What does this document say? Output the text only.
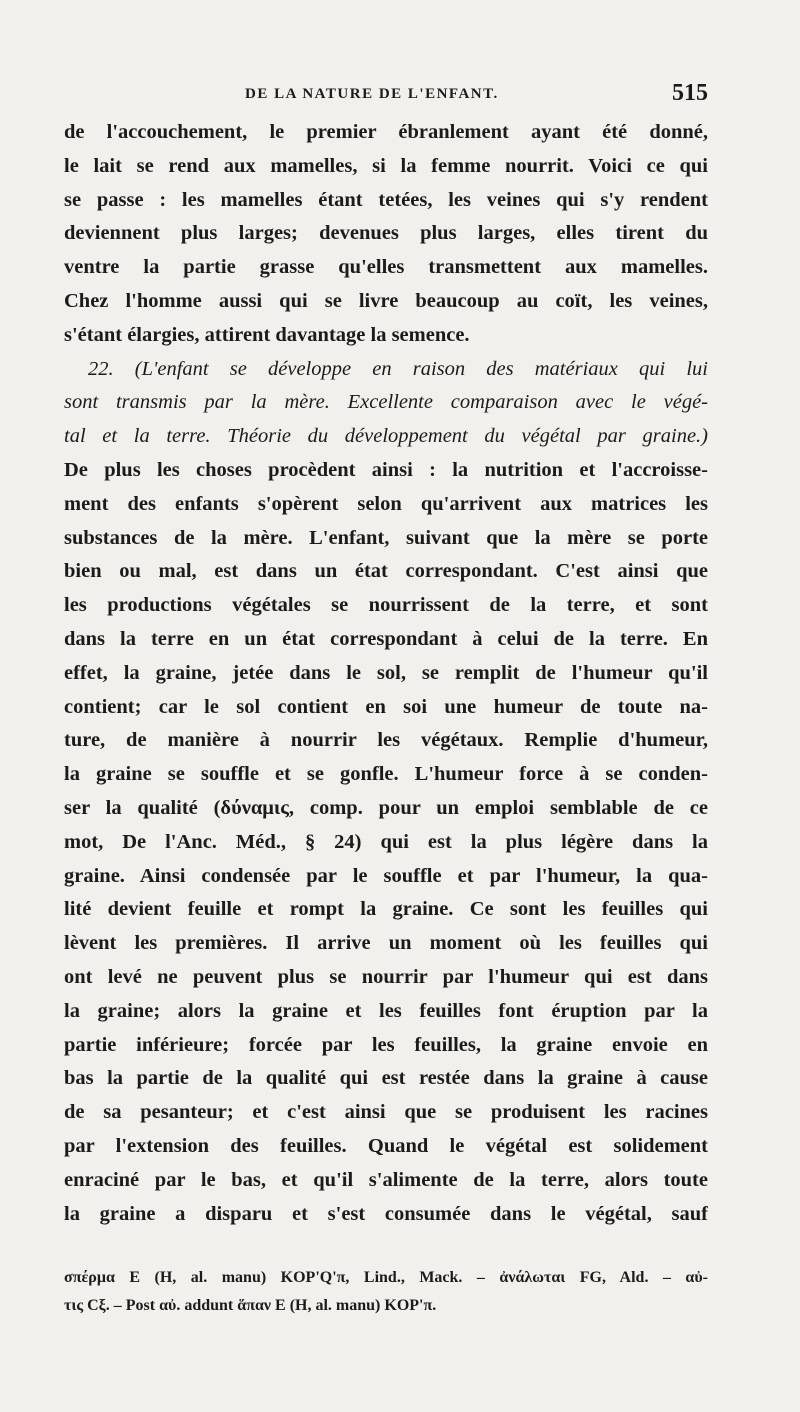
DE LA NATURE DE L'ENFANT.	515
de l'accouchement, le premier ébranlement ayant été donné,
le lait se rend aux mamelles, si la femme nourrit. Voici ce qui
se passe : les mamelles étant tetées, les veines qui s'y rendent
deviennent plus larges; devenues plus larges, elles tirent du
ventre la partie grasse qu'elles transmettent aux mamelles.
Chez l'homme aussi qui se livre beaucoup au coït, les veines,
s'étant élargies, attirent davantage la semence.
22. (L'enfant se développe en raison des matériaux qui lui
sont transmis par la mère. Excellente comparaison avec le végé-
tal et la terre. Théorie du développement du végétal par graine.)
De plus les choses procèdent ainsi : la nutrition et l'accroisse-
ment des enfants s'opèrent selon qu'arrivent aux matrices les
substances de la mère. L'enfant, suivant que la mère se porte
bien ou mal, est dans un état correspondant. C'est ainsi que
les productions végétales se nourrissent de la terre, et sont
dans la terre en un état correspondant à celui de la terre. En
effet, la graine, jetée dans le sol, se remplit de l'humeur qu'il
contient; car le sol contient en soi une humeur de toute na-
ture, de manière à nourrir les végétaux. Remplie d'humeur,
la graine se souffle et se gonfle. L'humeur force à se conden-
ser la qualité (δύναμις, comp. pour un emploi semblable de ce
mot, De l'Anc. Méd., § 24) qui est la plus légère dans la
graine. Ainsi condensée par le souffle et par l'humeur, la qua-
lité devient feuille et rompt la graine. Ce sont les feuilles qui
lèvent les premières. Il arrive un moment où les feuilles qui
ont levé ne peuvent plus se nourrir par l'humeur qui est dans
la graine; alors la graine et les feuilles font éruption par la
partie inférieure; forcée par les feuilles, la graine envoie en
bas la partie de la qualité qui est restée dans la graine à cause
de sa pesanteur; et c'est ainsi que se produisent les racines
par l'extension des feuilles. Quand le végétal est solidement
enraciné par le bas, et qu'il s'alimente de la terre, alors toute
la graine a disparu et s'est consumée dans le végétal, sauf
σπέρμα E (H, al. manu) KOP'Q'π, Lind., Mack. – ἀνάλωται FG, Ald. – αὐ-
τις Cξ. – Post αὐ. addunt ἅπαν E (H, al. manu) KOP'π.
